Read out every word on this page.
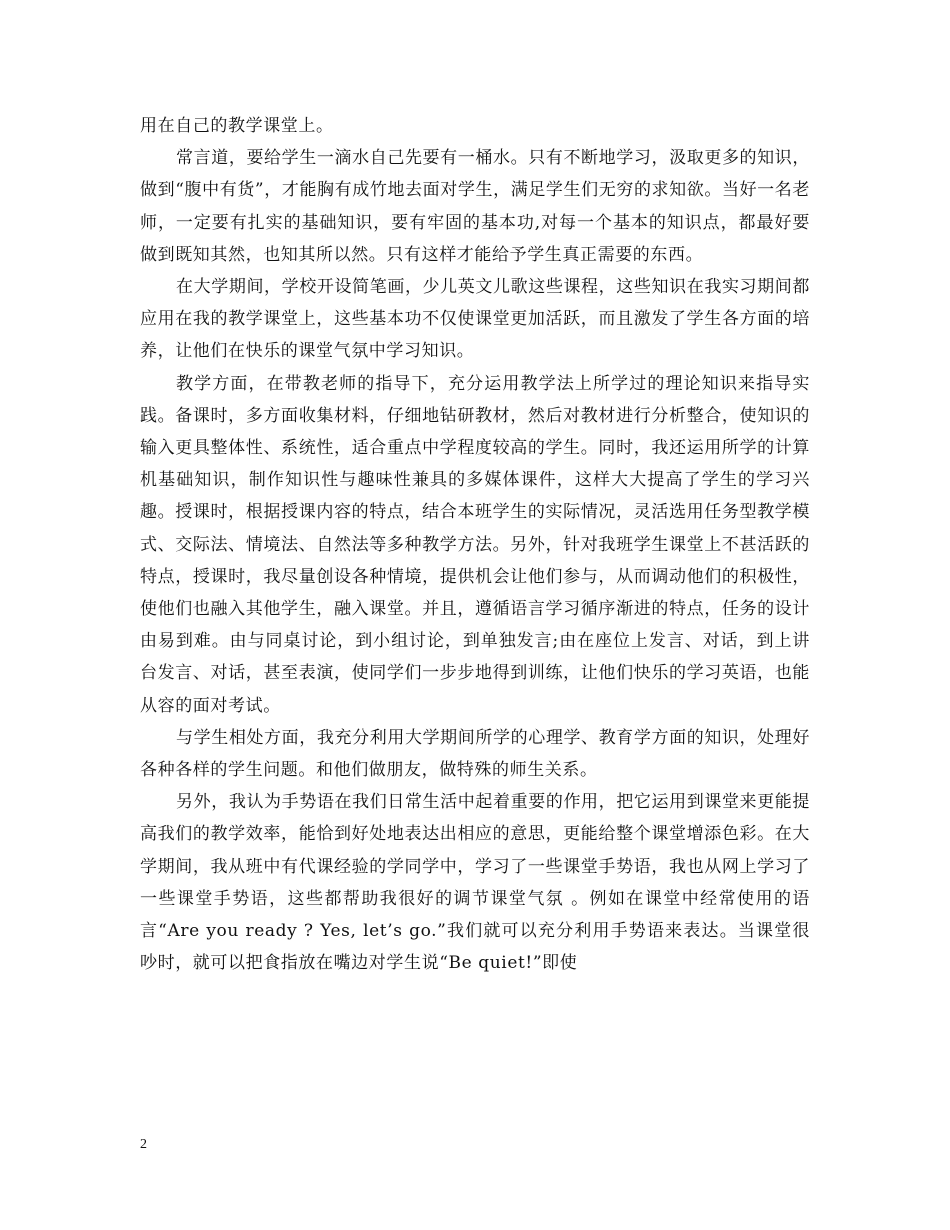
用在自己的教学课堂上。

常言道，要给学生一滴水自己先要有一桶水。只有不断地学习，汲取更多的知识，做到“腹中有货”，才能胸有成竹地去面对学生，满足学生们无穷的求知欲。当好一名老师，一定要有扎实的基础知识，要有牢固的基本功,对每一个基本的知识点，都最好要做到既知其然，也知其所以然。只有这样才能给予学生真正需要的东西。

在大学期间，学校开设简笔画，少儿英文儿歌这些课程，这些知识在我实习期间都应用在我的教学课堂上，这些基本功不仅使课堂更加活跃，而且激发了学生各方面的培养，让他们在快乐的课堂气氛中学习知识。

教学方面，在带教老师的指导下，充分运用教学法上所学过的理论知识来指导实践。备课时，多方面收集材料，仔细地钻研教材，然后对教材进行分析整合，使知识的输入更具整体性、系统性，适合重点中学程度较高的学生。同时，我还运用所学的计算机基础知识，制作知识性与趣味性兼具的多媒体课件，这样大大提高了学生的学习兴趣。授课时，根据授课内容的特点，结合本班学生的实际情况，灵活选用任务型教学模式、交际法、情境法、自然法等多种教学方法。另外，针对我班学生课堂上不甚活跃的特点，授课时，我尽量创设各种情境，提供机会让他们参与，从而调动他们的积极性，使他们也融入其他学生，融入课堂。并且，遵循语言学习循序渐进的特点，任务的设计由易到难。由与同桌讨论，到小组讨论，到单独发言;由在座位上发言、对话，到上讲台发言、对话，甚至表演，使同学们一步步地得到训练，让他们快乐的学习英语，也能从容的面对考试。

与学生相处方面，我充分利用大学期间所学的心理学、教育学方面的知识，处理好各种各样的学生问题。和他们做朋友，做特殊的师生关系。

另外，我认为手势语在我们日常生活中起着重要的作用，把它运用到课堂来更能提高我们的教学效率，能恰到好处地表达出相应的意思，更能给整个课堂增添色彩。在大学期间，我从班中有代课经验的学同学中，学习了一些课堂手势语，我也从网上学习了一些课堂手势语，这些都帮助我很好的调节课堂气氛 。例如在课堂中经常使用的语言“Are you ready ? Yes, let’s go.”我们就可以充分利用手势语来表达。当课堂很吵时，就可以把食指放在嘴边对学生说“Be quiet!”即使

2
